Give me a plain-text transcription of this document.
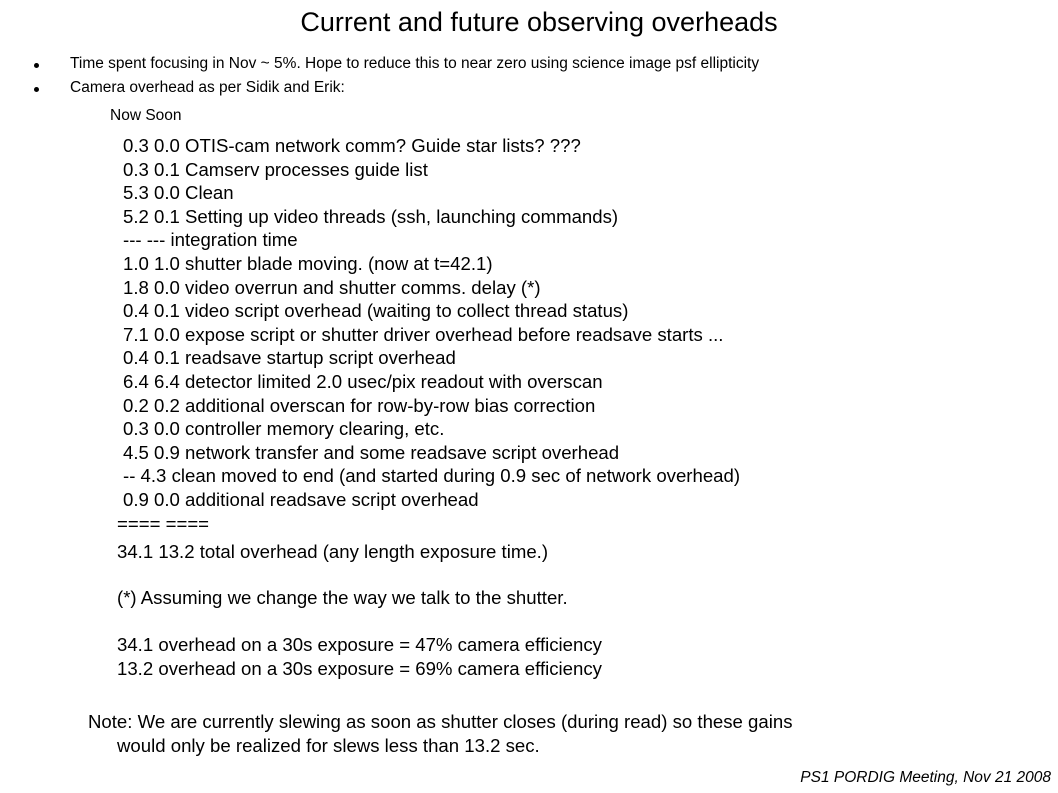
Current and future observing overheads
Time spent focusing in Nov ~ 5%. Hope to reduce this to near zero using science image psf ellipticity
Camera overhead as per Sidik and Erik:
Now Soon
0.3 0.0 OTIS-cam network comm? Guide star lists? ???
0.3 0.1 Camserv processes guide list
5.3 0.0 Clean
5.2 0.1 Setting up video threads (ssh, launching commands)
--- --- integration time
1.0 1.0 shutter blade moving. (now at t=42.1)
1.8 0.0 video overrun and shutter comms. delay (*)
0.4 0.1 video script overhead (waiting to collect thread status)
7.1 0.0 expose script or shutter driver overhead before readsave starts ...
0.4 0.1 readsave startup script overhead
6.4 6.4 detector limited 2.0 usec/pix readout with overscan
0.2 0.2 additional overscan for row-by-row bias correction
0.3 0.0 controller memory clearing, etc.
4.5 0.9 network transfer and some readsave script overhead
-- 4.3 clean moved to end (and started during 0.9 sec of network overhead)
0.9 0.0 additional readsave script overhead
==== ====
34.1 13.2 total overhead (any length exposure time.)
(*) Assuming we change the way we talk to the shutter.
34.1 overhead on a 30s exposure = 47% camera efficiency
13.2 overhead on a 30s exposure = 69% camera efficiency
Note: We are currently slewing as soon as shutter closes (during read) so these gains
would only be realized for slews less than 13.2 sec.
PS1 PORDIG Meeting, Nov 21 2008
